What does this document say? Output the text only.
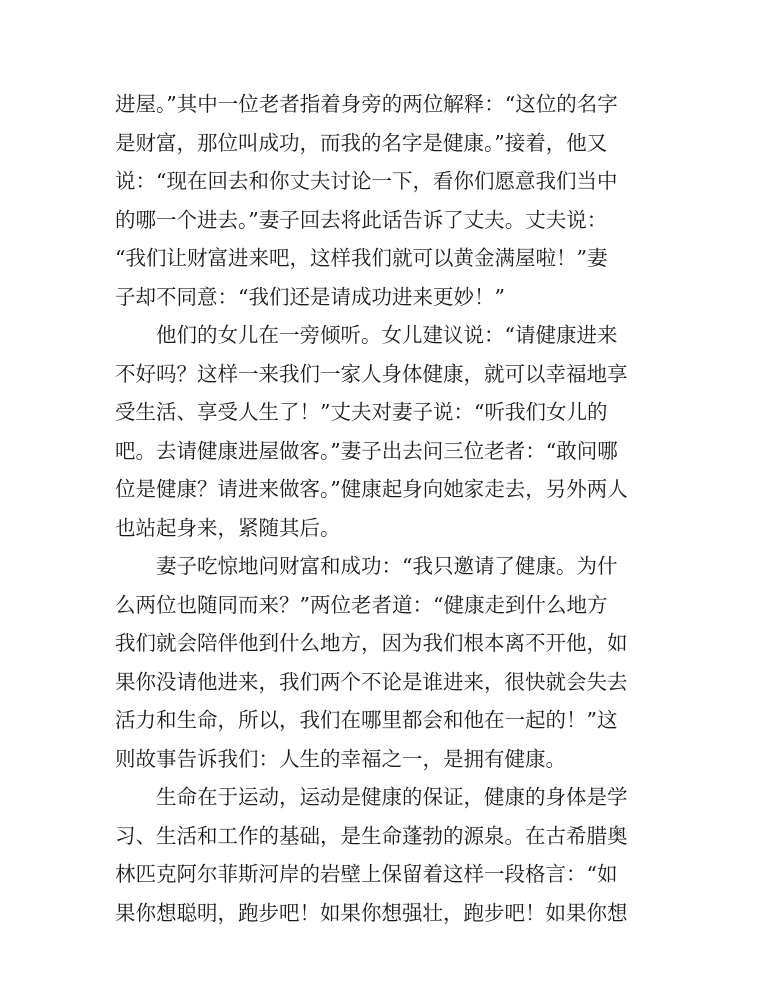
进屋。”其中一位老者指着身旁的两位解释：“这位的名字
是财富，那位叫成功，而我的名字是健康。”接着，他又
说：“现在回去和你丈夫讨论一下，看你们愿意我们当中
的哪一个进去。”妻子回去将此话告诉了丈夫。丈夫说：
“我们让财富进来吧，这样我们就可以黄金满屋啦！”妻
子却不同意：“我们还是请成功进来更妙！”
　　他们的女儿在一旁倾听。女儿建议说：“请健康进来
不好吗？这样一来我们一家人身体健康，就可以幸福地享
受生活、享受人生了！”丈夫对妻子说：“听我们女儿的
吧。去请健康进屋做客。”妻子出去问三位老者：“敢问哪
位是健康？请进来做客。”健康起身向她家走去，另外两人
也站起身来，紧随其后。
　　妻子吃惊地问财富和成功：“我只邀请了健康。为什
么两位也随同而来？”两位老者道：“健康走到什么地方
我们就会陪伴他到什么地方，因为我们根本离不开他，如
果你没请他进来，我们两个不论是谁进来，很快就会失去
活力和生命，所以，我们在哪里都会和他在一起的！”这
则故事告诉我们：人生的幸福之一，是拥有健康。
　　生命在于运动，运动是健康的保证，健康的身体是学
习、生活和工作的基础，是生命蓬勃的源泉。在古希腊奥
林匹克阿尔菲斯河岸的岩壁上保留着这样一段格言：“如
果你想聪明，跑步吧！如果你想强壮，跑步吧！如果你想
